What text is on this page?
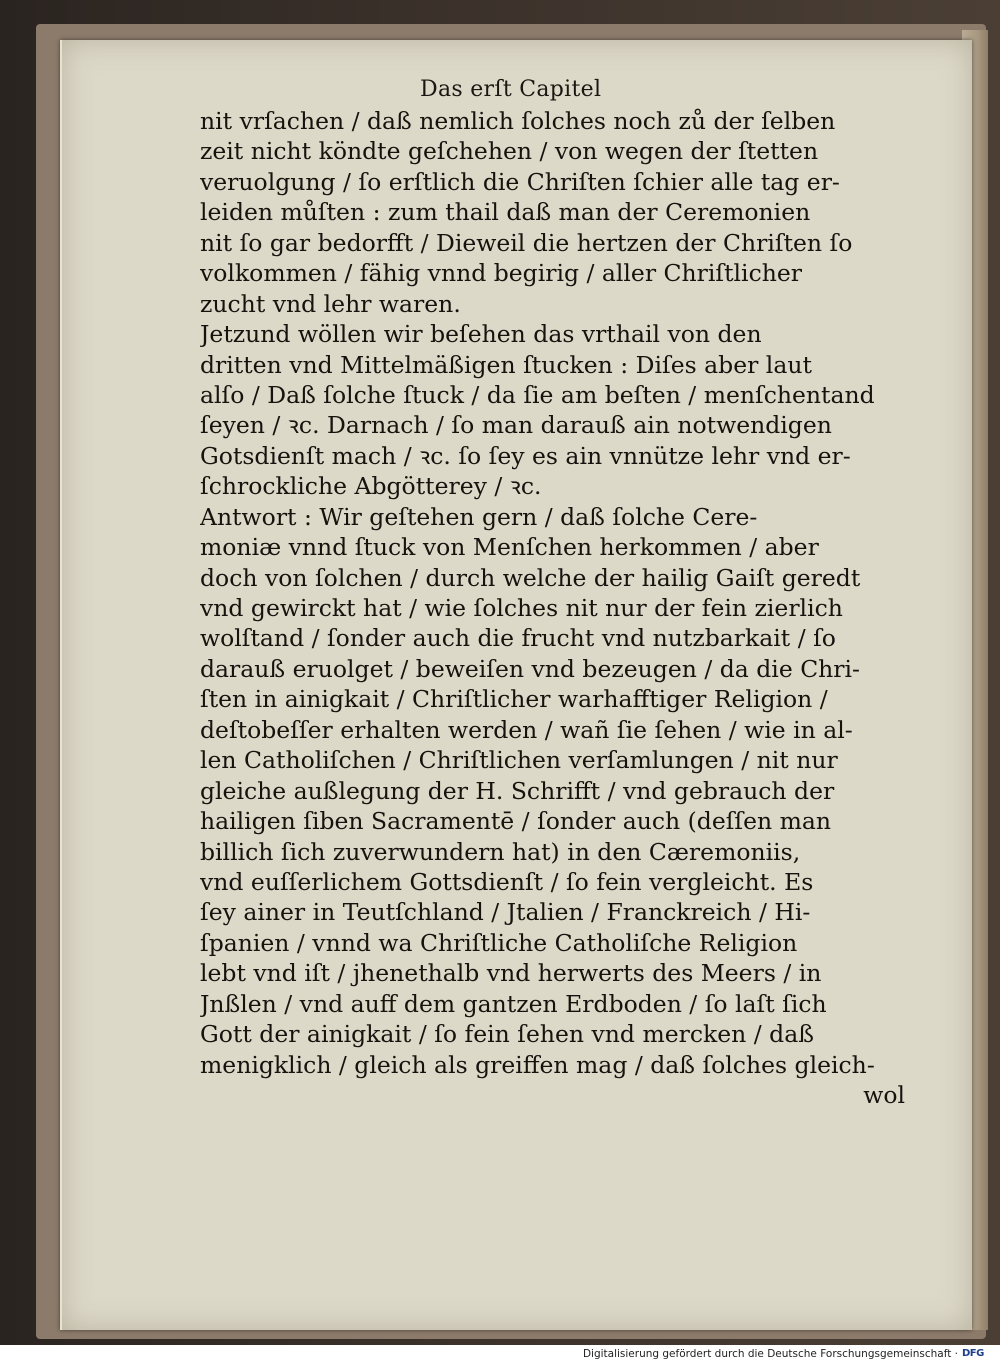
Das erſt Capitel
nit vrſachen / daß nemlich ſolches noch zů der ſelben
zeit nicht köndte geſchehen / von wegen der ſtetten
veruolgung / ſo erſtlich die Chriſten ſchier alle tag er-
leiden můſten : zum thail daß man der Ceremonien
nit ſo gar bedorfft / Dieweil die hertzen der Chriſten ſo
volkommen / fähig vnnd begirig / aller Chriſtlicher
zucht vnd lehr waren.
Jetzund wöllen wir beſehen das vrthail von den
dritten vnd Mittelmäßigen ſtucken : Diſes aber laut
alſo / Daß ſolche ſtuck / da ſie am beſten / menſchentand
ſeyen / ꝛc. Darnach / ſo man darauß ain notwendigen
Gotsdienſt mach / ꝛc. ſo ſey es ain vnnütze lehr vnd er-
ſchrockliche Abgötterey / ꝛc.
Antwort : Wir geſtehen gern / daß ſolche Cere-
moniæ vnnd ſtuck von Menſchen herkommen / aber
doch von ſolchen / durch welche der hailig Gaiſt geredt
vnd gewirckt hat / wie ſolches nit nur der fein zierlich
wolſtand / ſonder auch die frucht vnd nutzbarkait / ſo
darauß eruolget / beweiſen vnd bezeugen / da die Chri-
ſten in ainigkait / Chriſtlicher warhafftiger Religion /
deſtobeſſer erhalten werden / wañ ſie ſehen / wie in al-
len Catholiſchen / Chriſtlichen verſamlungen / nit nur
gleiche außlegung der H. Schrifft / vnd gebrauch der
hailigen ſiben Sacramentē / ſonder auch (deſſen man
billich ſich zuverwundern hat) in den Cæremoniis,
vnd euſſerlichem Gottsdienſt / ſo fein vergleicht. Es
ſey ainer in Teutſchland / Jtalien / Franckreich / Hi-
ſpanien / vnnd wa Chriſtliche Catholiſche Religion
lebt vnd iſt / jhenethalb vnd herwerts des Meers / in
Jnßlen / vnd auff dem gantzen Erdboden / ſo laſt ſich
Gott der ainigkait / ſo fein ſehen vnd mercken / daß
menigklich / gleich als greiffen mag / daß ſolches gleich-
wol
Digitalisierung gefördert durch die Deutsche Forschungsgemeinschaft · DFG
